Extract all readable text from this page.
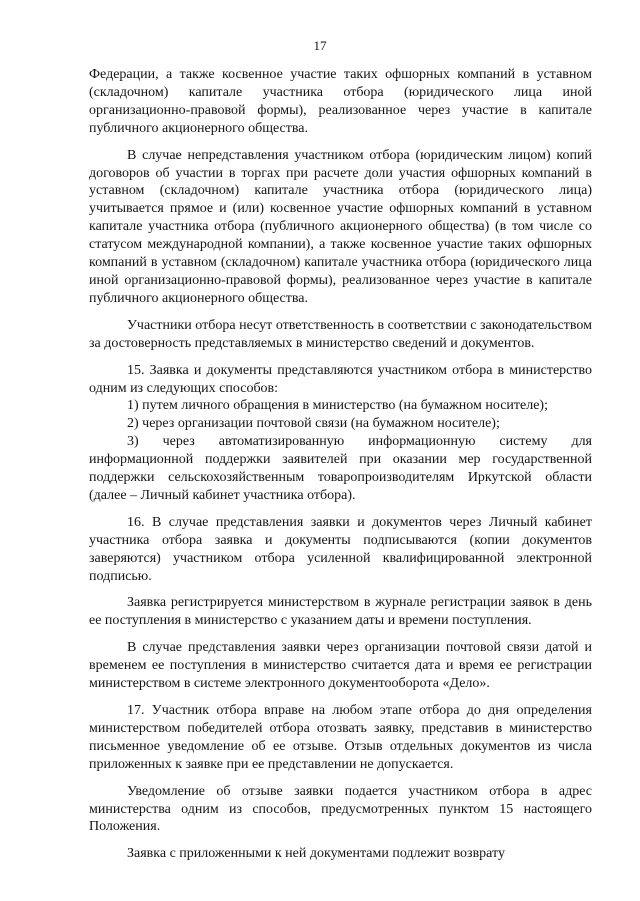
17

Федерации, а также косвенное участие таких офшорных компаний в уставном (складочном) капитале участника отбора (юридического лица иной организационно-правовой формы), реализованное через участие в капитале публичного акционерного общества.

В случае непредставления участником отбора (юридическим лицом) копий договоров об участии в торгах при расчете доли участия офшорных компаний в уставном (складочном) капитале участника отбора (юридического лица) учитывается прямое и (или) косвенное участие офшорных компаний в уставном капитале участника отбора (публичного акционерного общества) (в том числе со статусом международной компании), а также косвенное участие таких офшорных компаний в уставном (складочном) капитале участника отбора (юридического лица иной организационно-правовой формы), реализованное через участие в капитале публичного акционерного общества.

Участники отбора несут ответственность в соответствии с законодательством за достоверность представляемых в министерство сведений и документов.

15. Заявка и документы представляются участником отбора в министерство одним из следующих способов:

1) путем личного обращения в министерство (на бумажном носителе);

2) через организации почтовой связи (на бумажном носителе);

3) через автоматизированную информационную систему для информационной поддержки заявителей при оказании мер государственной поддержки сельскохозяйственным товаропроизводителям Иркутской области (далее – Личный кабинет участника отбора).

16. В случае представления заявки и документов через Личный кабинет участника отбора заявка и документы подписываются (копии документов заверяются) участником отбора усиленной квалифицированной электронной подписью.

Заявка регистрируется министерством в журнале регистрации заявок в день ее поступления в министерство с указанием даты и времени поступления.

В случае представления заявки через организации почтовой связи датой и временем ее поступления в министерство считается дата и время ее регистрации министерством в системе электронного документооборота «Дело».

17. Участник отбора вправе на любом этапе отбора до дня определения министерством победителей отбора отозвать заявку, представив в министерство письменное уведомление об ее отзыве. Отзыв отдельных документов из числа приложенных к заявке при ее представлении не допускается.

Уведомление об отзыве заявки подается участником отбора в адрес министерства одним из способов, предусмотренных пунктом 15 настоящего Положения.

Заявка с приложенными к ней документами подлежит возврату
